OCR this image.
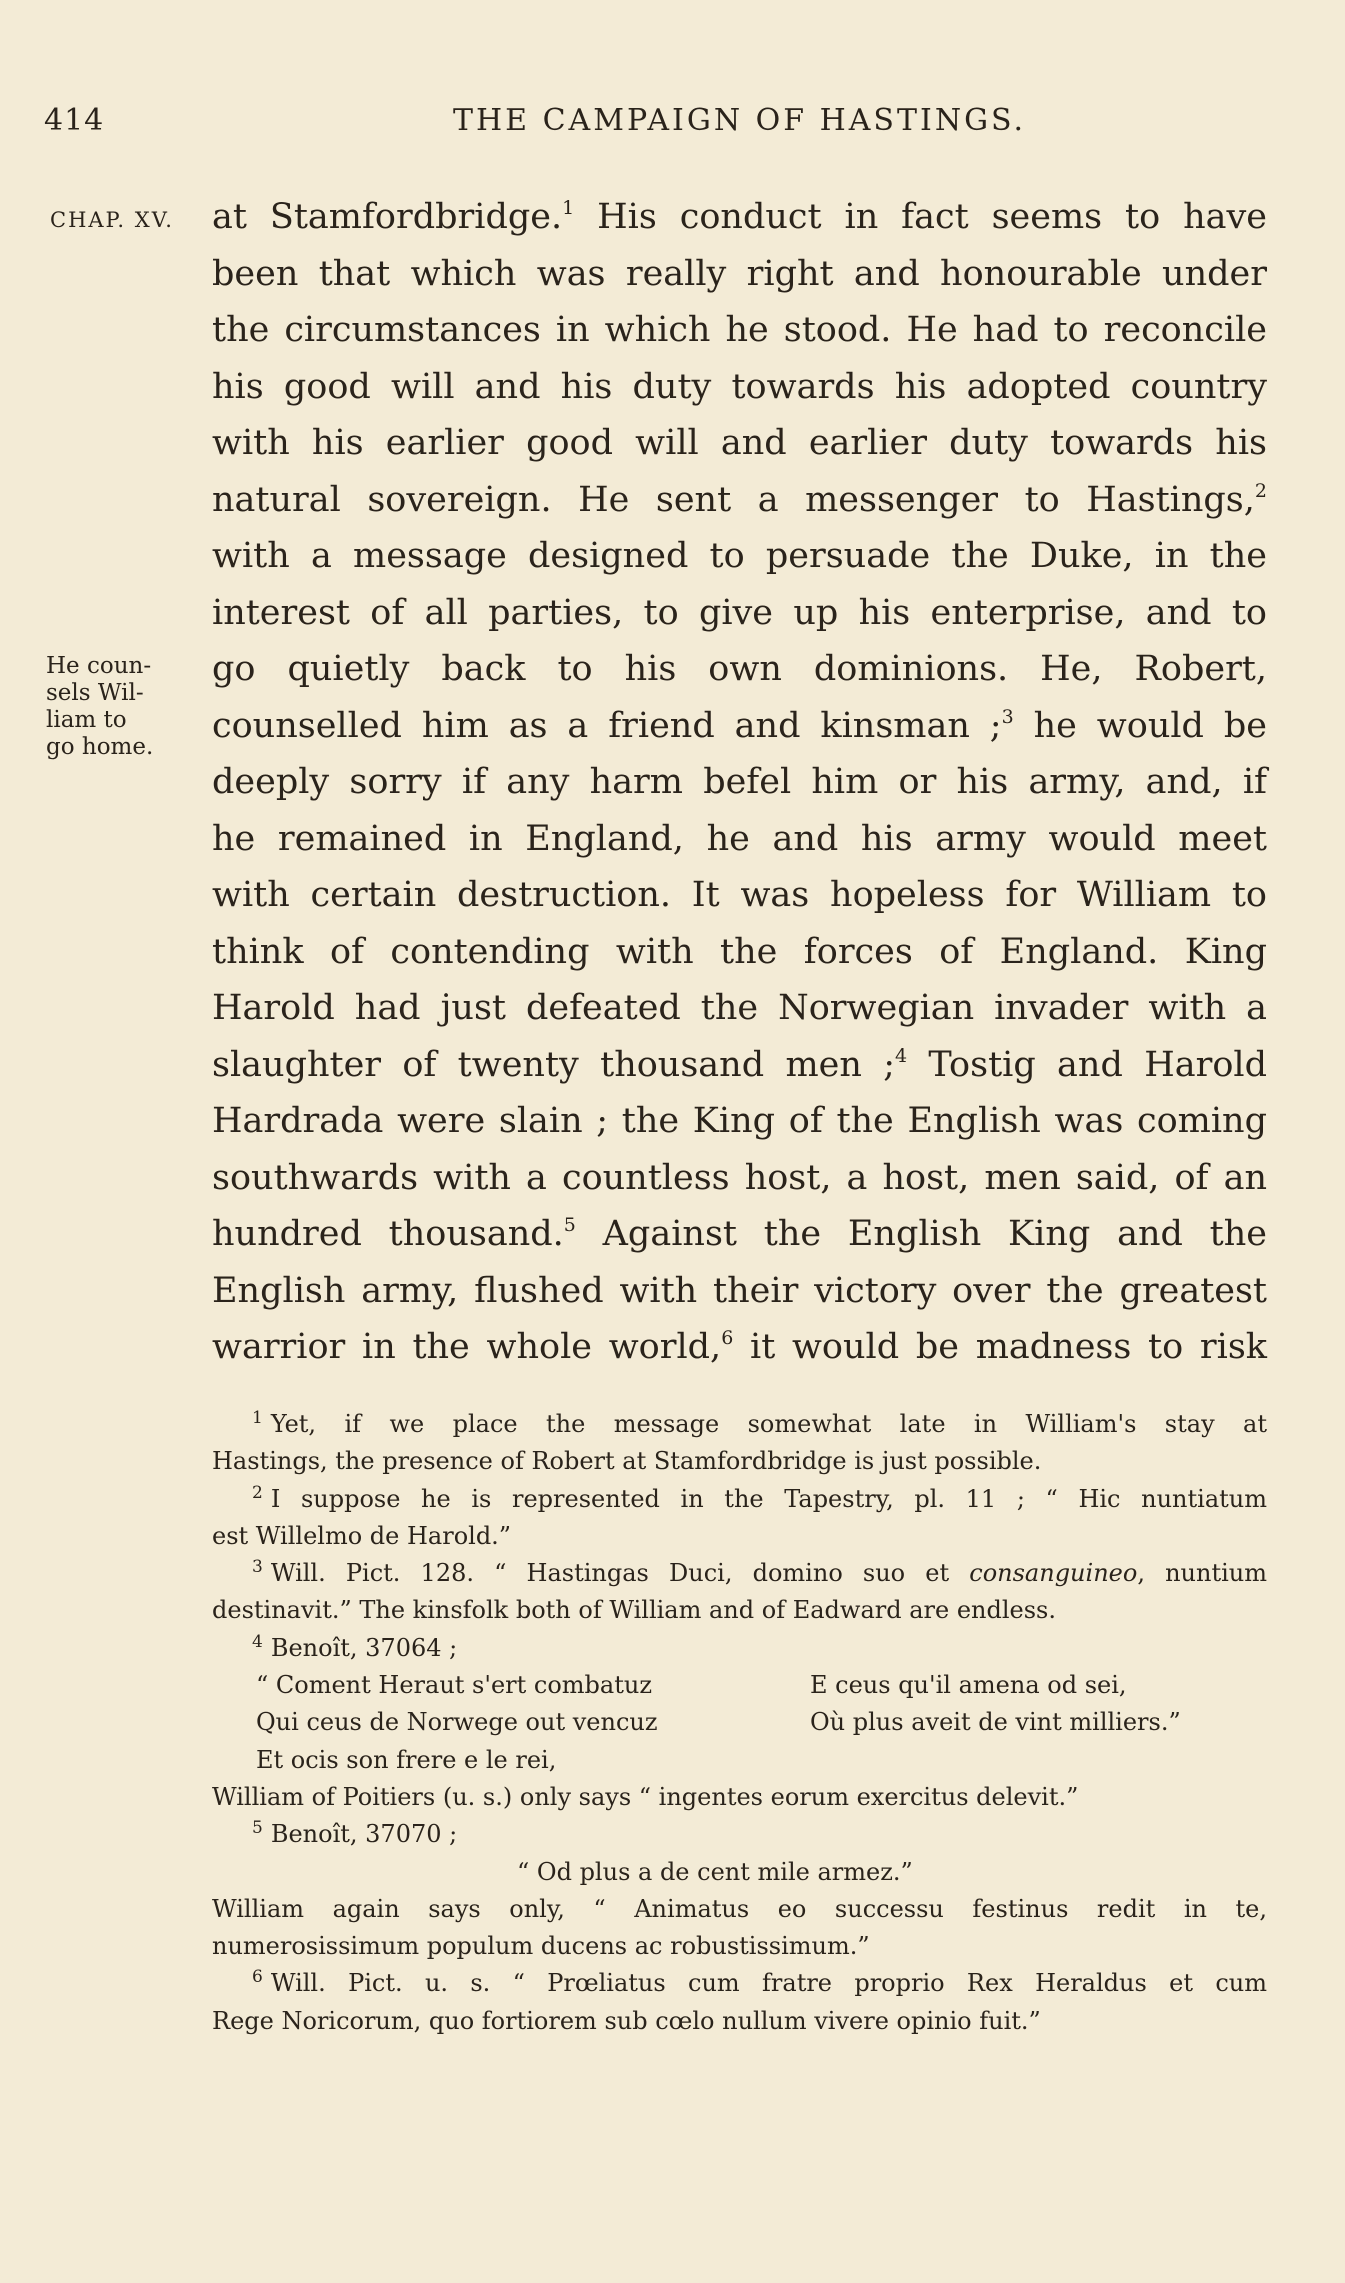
414	THE CAMPAIGN OF HASTINGS.
CHAP. XV.
He coun-
sels Wil-
liam to
go home.
at Stamfordbridge.$^1$ His conduct in fact seems to have
been that which was really right and honourable under
the circumstances in which he stood. He had to reconcile
his good will and his duty towards his adopted country
with his earlier good will and earlier duty towards his
natural sovereign. He sent a messenger to Hastings,$^2$
with a message designed to persuade the Duke, in the
interest of all parties, to give up his enterprise, and to
go quietly back to his own dominions. He, Robert,
counselled him as a friend and kinsman ;$^3$ he would be
deeply sorry if any harm befel him or his army, and, if
he remained in England, he and his army would meet
with certain destruction. It was hopeless for William to
think of contending with the forces of England. King
Harold had just defeated the Norwegian invader with a
slaughter of twenty thousand men ;$^4$ Tostig and Harold
Hardrada were slain ; the King of the English was coming
southwards with a countless host, a host, men said, of an
hundred thousand.$^5$ Against the English King and the
English army, flushed with their victory over the greatest
warrior in the whole world,$^6$ it would be madness to risk
$^1$ Yet, if we place the message somewhat late in William's stay at
Hastings, the presence of Robert at Stamfordbridge is just possible.
$^2$ I suppose he is represented in the Tapestry, pl. 11 ; “ Hic nuntiatum
est Willelmo de Harold.”
$^3$ Will. Pict. 128. “ Hastingas Duci, domino suo et consanguineo, nuntium
destinavit.” The kinsfolk both of William and of Eadward are endless.
$^4$ Benoît, 37064 ;
“ Coment Heraut s'ert combatuz	E ceus qu'il amena od sei,
Qui ceus de Norwege out vencuz	Où plus aveit de vint milliers.”
Et ocis son frere e le rei,
William of Poitiers (u. s.) only says “ ingentes eorum exercitus delevit.”
$^5$ Benoît, 37070 ;
“ Od plus a de cent mile armez.”
William again says only, “ Animatus eo successu festinus redit in te,
numerosissimum populum ducens ac robustissimum.”
$^6$ Will. Pict. u. s. “ Prœliatus cum fratre proprio Rex Heraldus et cum
Rege Noricorum, quo fortiorem sub cœlo nullum vivere opinio fuit.”
